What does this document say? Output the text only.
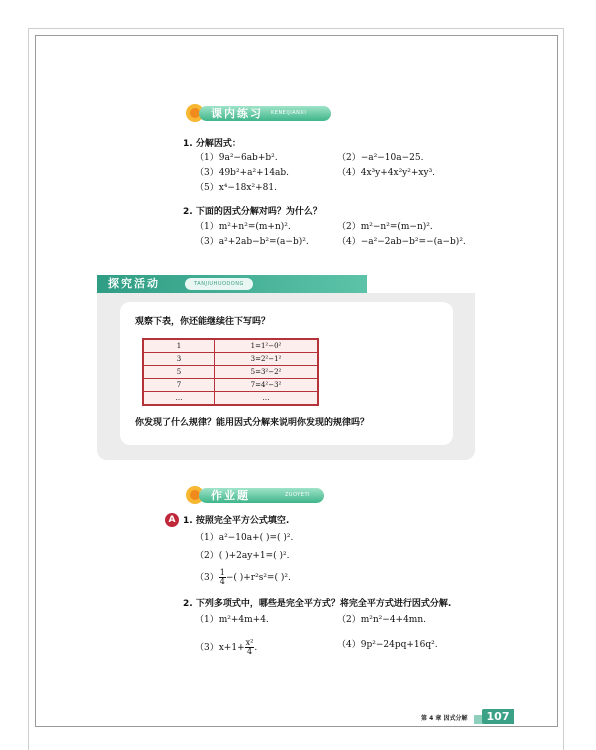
课内练习 KENEIJIANXI
1. 分解因式：
（1）9a²−6ab+b².	（2）−a²−10a−25.
（3）49b²+a²+14ab.	（4）4x³y+4x²y²+xy³.
（5）x⁴−18x²+81.
2. 下面的因式分解对吗？为什么？
（1）m²+n²=(m+n)².	（2）m²−n²=(m−n)².
（3）a²+2ab−b²=(a−b)².	（4）−a²−2ab−b²=−(a−b)².
探究活动	TANJIUHUODONG
观察下表，你还能继续往下写吗？
1	1=1²−0²
3	3=2²−1²
5	5=3²−2²
7	7=4²−3²
…	…
你发现了什么规律？能用因式分解来说明你发现的规律吗？
作业题	ZUOYETI
A 1. 按照完全平方公式填空.
（1）a²−10a+( )=( )².
（2）( )+2ay+1=( )².
$(3) \frac{1}{4}$ −( )+r²s²=( )².
2. 下列多项式中，哪些是完全平方式？将完全平方式进行因式分解.
（1）m²+4m+4.	（2）m²n²−4+4mn.
$(3)x+1+ \frac{\text{x²}}{4}$ .	（4）9p²−24pq+16q².
第 4 章 因式分解	107
